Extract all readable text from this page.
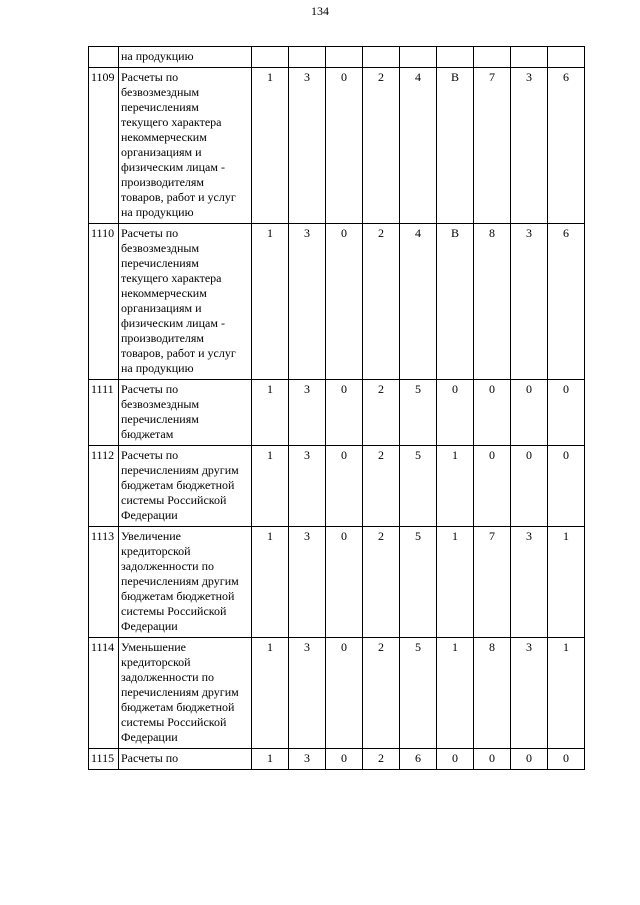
134
	на продукцию									
1109	Расчеты по безвозмездным перечислениям текущего характера некоммерческим организациям и физическим лицам - производителям товаров, работ и услуг на продукцию	1	3	0	2	4	В	7	3	6
1110	Расчеты по безвозмездным перечислениям текущего характера некоммерческим организациям и физическим лицам - производителям товаров, работ и услуг на продукцию	1	3	0	2	4	В	8	3	6
1111	Расчеты по безвозмездным перечислениям бюджетам	1	3	0	2	5	0	0	0	0
1112	Расчеты по перечислениям другим бюджетам бюджетной системы Российской Федерации	1	3	0	2	5	1	0	0	0
1113	Увеличение кредиторской задолженности по перечислениям другим бюджетам бюджетной системы Российской Федерации	1	3	0	2	5	1	7	3	1
1114	Уменьшение кредиторской задолженности по перечислениям другим бюджетам бюджетной системы Российской Федерации	1	3	0	2	5	1	8	3	1
1115	Расчеты по	1	3	0	2	6	0	0	0	0
